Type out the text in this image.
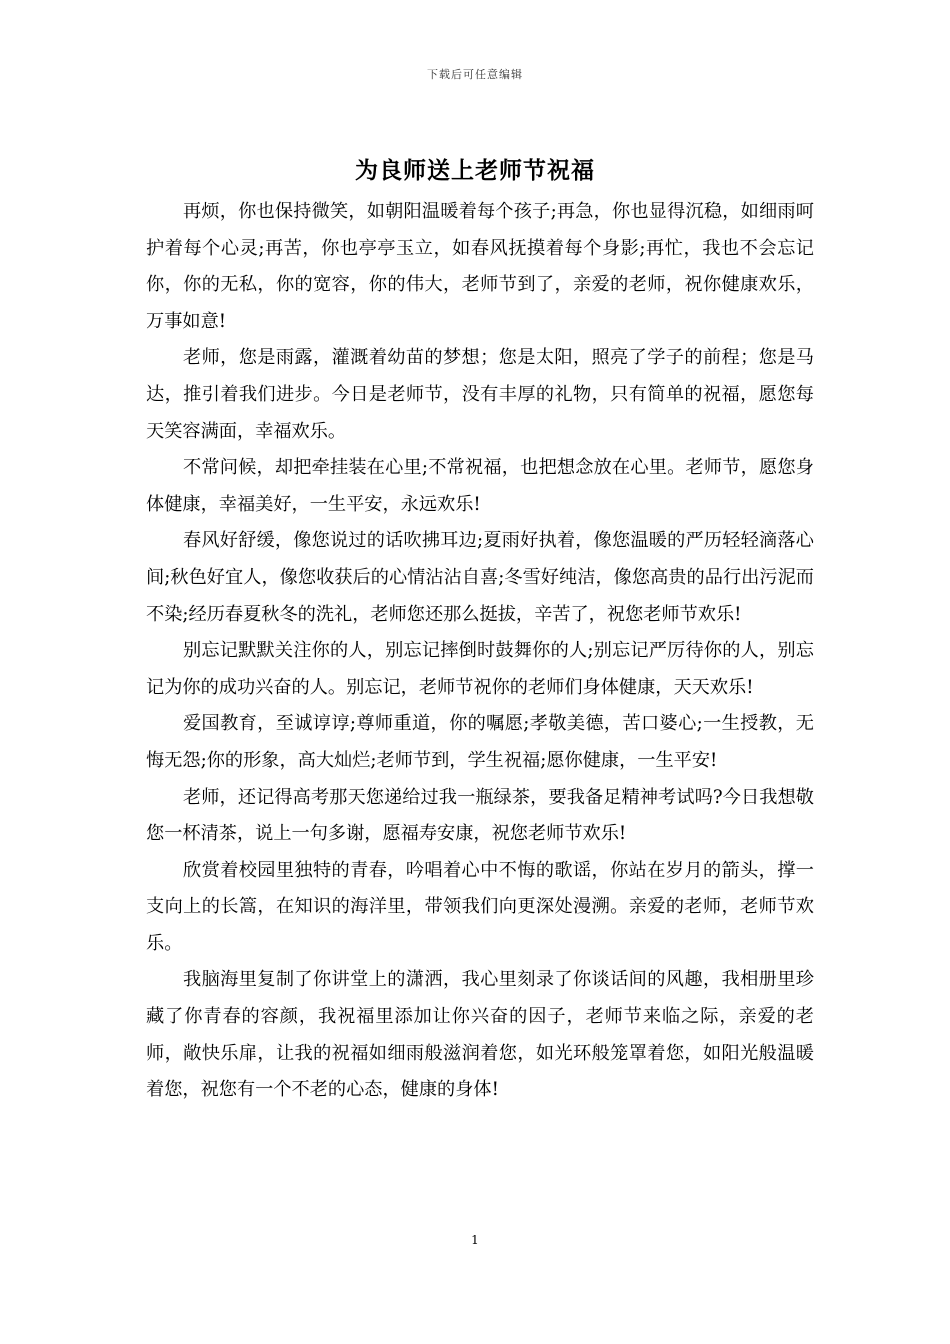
下载后可任意编辑
为良师送上老师节祝福

再烦，你也保持微笑，如朝阳温暖着每个孩子;再急，你也显得沉稳，如细雨呵护着每个心灵;再苦，你也亭亭玉立，如春风抚摸着每个身影;再忙，我也不会忘记你，你的无私，你的宽容，你的伟大，老师节到了，亲爱的老师，祝你健康欢乐，万事如意!

老师，您是雨露，灌溉着幼苗的梦想；您是太阳，照亮了学子的前程；您是马达，推引着我们进步。今日是老师节，没有丰厚的礼物，只有简单的祝福，愿您每天笑容满面，幸福欢乐。

不常问候，却把牵挂装在心里;不常祝福，也把想念放在心里。老师节，愿您身体健康，幸福美好，一生平安，永远欢乐!

春风好舒缓，像您说过的话吹拂耳边;夏雨好执着，像您温暖的严历轻轻滴落心间;秋色好宜人，像您收获后的心情沾沾自喜;冬雪好纯洁，像您高贵的品行出污泥而不染;经历春夏秋冬的洗礼，老师您还那么挺拔，辛苦了，祝您老师节欢乐!

别忘记默默关注你的人，别忘记摔倒时鼓舞你的人;别忘记严厉待你的人，别忘记为你的成功兴奋的人。别忘记，老师节祝你的老师们身体健康，天天欢乐!

爱国教育，至诚谆谆;尊师重道，你的嘱愿;孝敬美德，苦口婆心;一生授教，无悔无怨;你的形象，高大灿烂;老师节到，学生祝福;愿你健康，一生平安!

老师，还记得高考那天您递给过我一瓶绿茶，要我备足精神考试吗?今日我想敬您一杯清茶，说上一句多谢，愿福寿安康，祝您老师节欢乐!

欣赏着校园里独特的青春，吟唱着心中不悔的歌谣，你站在岁月的箭头，撑一支向上的长篙，在知识的海洋里，带领我们向更深处漫溯。亲爱的老师，老师节欢乐。

我脑海里复制了你讲堂上的潇洒，我心里刻录了你谈话间的风趣，我相册里珍藏了你青春的容颜，我祝福里添加让你兴奋的因子，老师节来临之际，亲爱的老师，敞快乐扉，让我的祝福如细雨般滋润着您，如光环般笼罩着您，如阳光般温暖着您，祝您有一个不老的心态，健康的身体!

1
